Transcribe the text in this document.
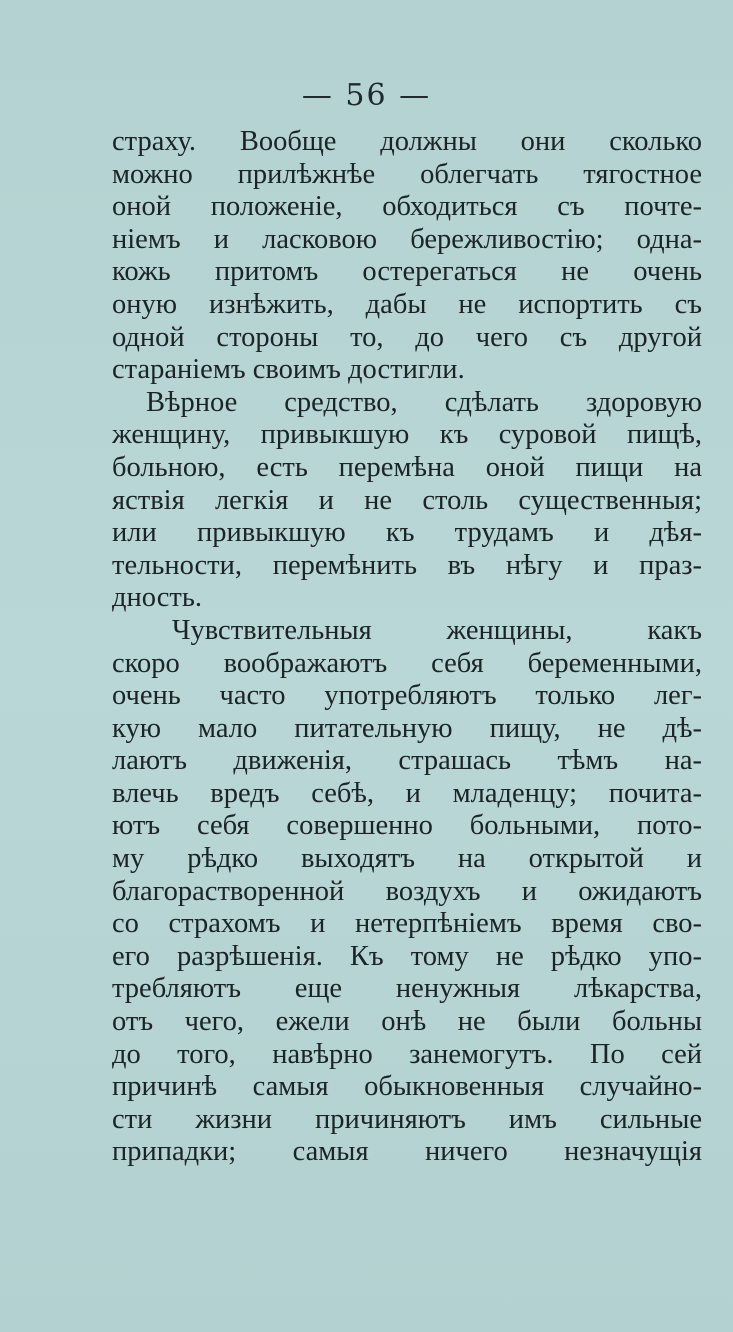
— 56 —
страху. Вообще должны они сколько
можно прилѣжнѣе облегчать тягостное
оной положеніе, обходиться съ почте-
ніемъ и ласковою бережливостію; одна-
кожь притомъ остерегаться не очень
оную изнѣжить, дабы не испортить съ
одной стороны то, до чего съ другой
стараніемъ своимъ достигли.
Вѣрное средство, сдѣлать здоровую
женщину, привыкшую къ суровой пищѣ,
больною, есть перемѣна оной пищи на
яствія легкія и не столь существенныя;
или привыкшую къ трудамъ и дѣя-
тельности, перемѣнить въ нѣгу и праз-
дность.
Чувствительныя женщины, какъ
скоро воображаютъ себя беременными,
очень часто употребляютъ только лег-
кую мало питательную пищу, не дѣ-
лаютъ движенія, страшась тѣмъ на-
влечь вредъ себѣ, и младенцу; почита-
ютъ себя совершенно больными, пото-
му рѣдко выходятъ на открытой и
благорастворенной воздухъ и ожидаютъ
со страхомъ и нетерпѣніемъ время сво-
его разрѣшенія. Къ тому не рѣдко упо-
требляютъ еще ненужныя лѣкарства,
отъ чего, ежели онѣ не были больны
до того, навѣрно занемогутъ. По сей
причинѣ самыя обыкновенныя случайно-
сти жизни причиняютъ имъ сильные
припадки; самыя ничего незначущія
